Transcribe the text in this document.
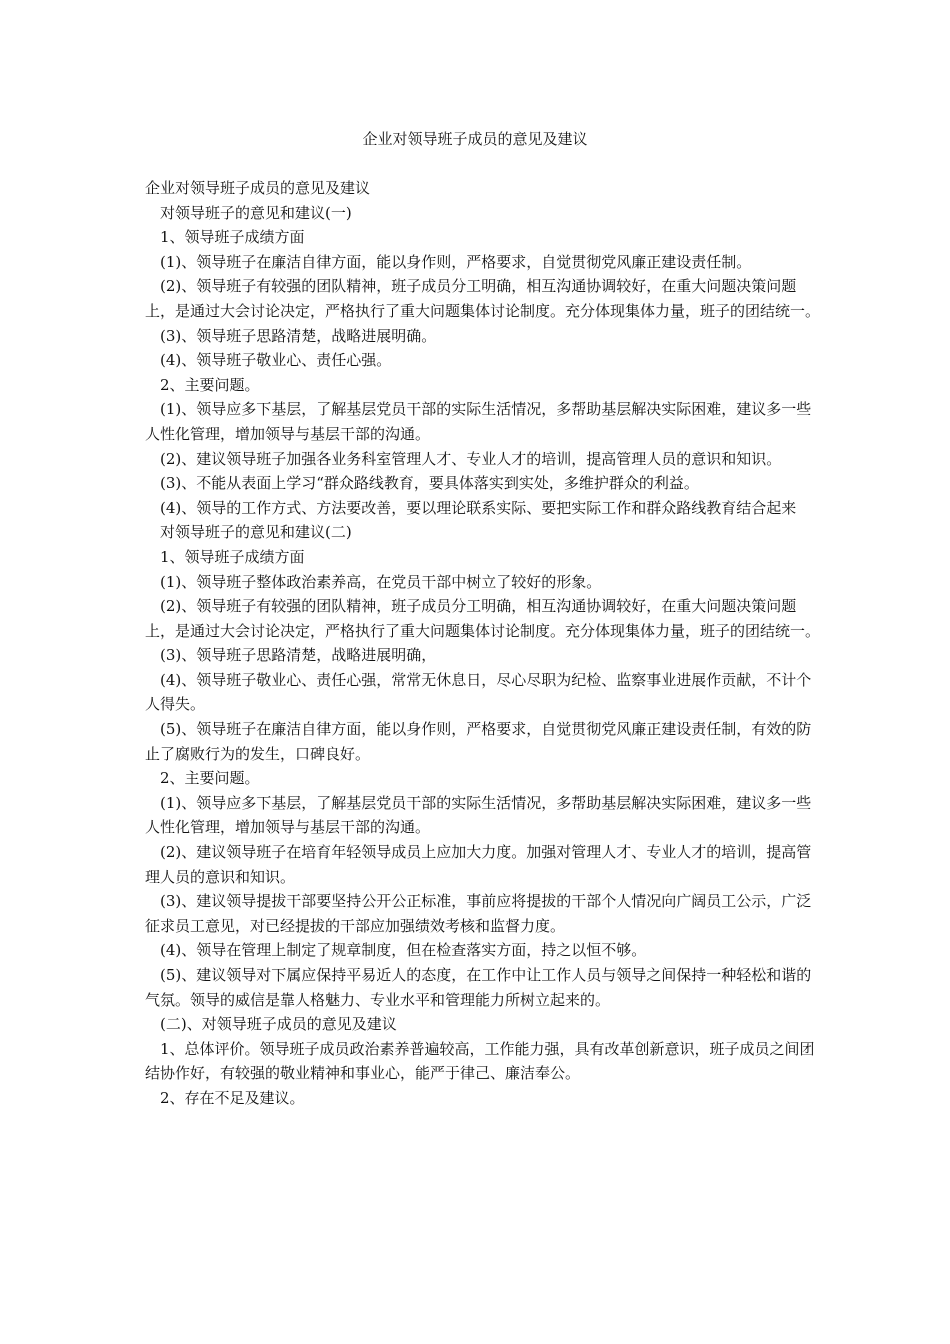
企业对领导班子成员的意见及建议

企业对领导班子成员的意见及建议

对领导班子的意见和建议(一)

1、领导班子成绩方面

(1)、领导班子在廉洁自律方面，能以身作则，严格要求，自觉贯彻党风廉正建设责任制。

(2)、领导班子有较强的团队精神，班子成员分工明确，相互沟通协调较好，在重大问题决策问题上，是通过大会讨论决定，严格执行了重大问题集体讨论制度。充分体现集体力量，班子的团结统一。

(3)、领导班子思路清楚，战略进展明确。

(4)、领导班子敬业心、责任心强。

2、主要问题。

(1)、领导应多下基层，了解基层党员干部的实际生活情况，多帮助基层解决实际困难，建议多一些人性化管理，增加领导与基层干部的沟通。

(2)、建议领导班子加强各业务科室管理人才、专业人才的培训，提高管理人员的意识和知识。

(3)、不能从表面上学习“群众路线教育，要具体落实到实处，多维护群众的利益。

(4)、领导的工作方式、方法要改善，要以理论联系实际、要把实际工作和群众路线教育结合起来

对领导班子的意见和建议(二)

1、领导班子成绩方面

(1)、领导班子整体政治素养高，在党员干部中树立了较好的形象。

(2)、领导班子有较强的团队精神，班子成员分工明确，相互沟通协调较好，在重大问题决策问题上，是通过大会讨论决定，严格执行了重大问题集体讨论制度。充分体现集体力量，班子的团结统一。

(3)、领导班子思路清楚，战略进展明确，

(4)、领导班子敬业心、责任心强，常常无休息日，尽心尽职为纪检、监察事业进展作贡献，不计个人得失。

(5)、领导班子在廉洁自律方面，能以身作则，严格要求，自觉贯彻党风廉正建设责任制，有效的防止了腐败行为的发生，口碑良好。

2、主要问题。

(1)、领导应多下基层，了解基层党员干部的实际生活情况，多帮助基层解决实际困难，建议多一些人性化管理，增加领导与基层干部的沟通。

(2)、建议领导班子在培育年轻领导成员上应加大力度。加强对管理人才、专业人才的培训，提高管理人员的意识和知识。

(3)、建议领导提拔干部要坚持公开公正标准，事前应将提拔的干部个人情况向广阔员工公示，广泛征求员工意见，对已经提拔的干部应加强绩效考核和监督力度。

(4)、领导在管理上制定了规章制度，但在检查落实方面，持之以恒不够。

(5)、建议领导对下属应保持平易近人的态度，在工作中让工作人员与领导之间保持一种轻松和谐的气氛。领导的威信是靠人格魅力、专业水平和管理能力所树立起来的。

(二)、对领导班子成员的意见及建议

1、总体评价。领导班子成员政治素养普遍较高，工作能力强，具有改革创新意识，班子成员之间团结协作好，有较强的敬业精神和事业心，能严于律己、廉洁奉公。

2、存在不足及建议。
